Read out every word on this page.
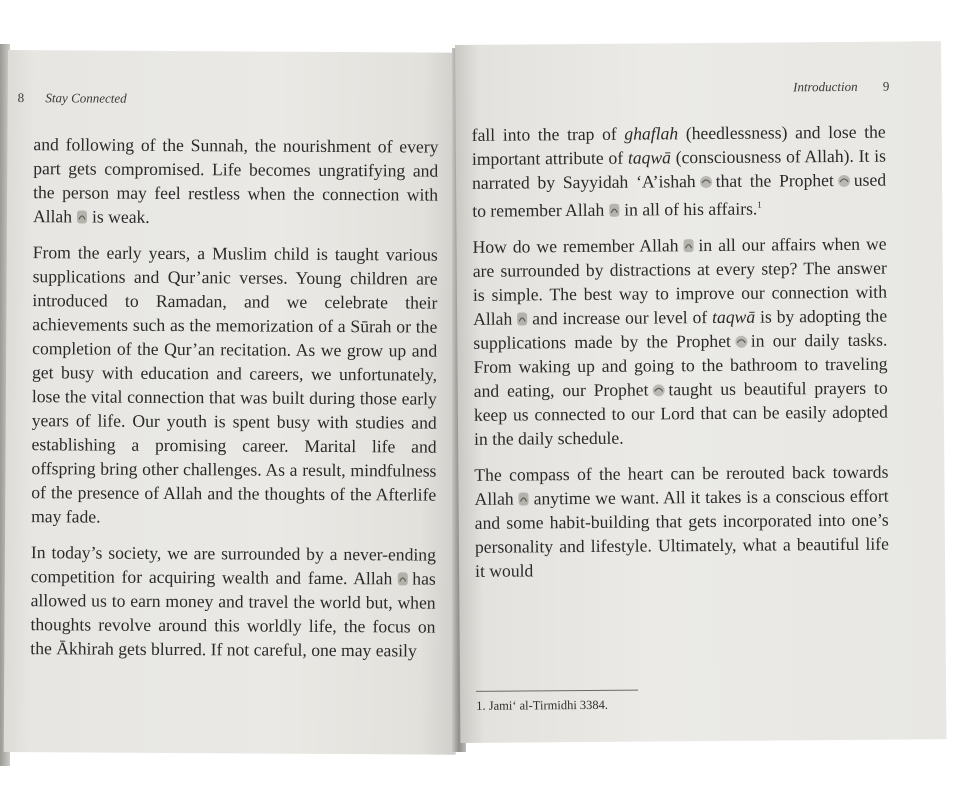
8 Stay Connected

and following of the Sunnah, the nourishment of every part gets compromised. Life becomes ungratifying and the person may feel restless when the connection with Allah is weak.

From the early years, a Muslim child is taught various supplications and Qur’anic verses. Young children are introduced to Ramadan, and we celebrate their achievements such as the memorization of a Sūrah or the completion of the Qur’an recitation. As we grow up and get busy with education and careers, we unfortunately, lose the vital connection that was built during those early years of life. Our youth is spent busy with studies and establishing a promising career. Marital life and offspring bring other challenges. As a result, mindfulness of the presence of Allah and the thoughts of the Afterlife may fade.

In today’s society, we are surrounded by a never-ending competition for acquiring wealth and fame. Allah has allowed us to earn money and travel the world but, when thoughts revolve around this worldly life, the focus on the Ākhirah gets blurred. If not careful, one may easily

Introduction 9

fall into the trap of ghaflah (heedlessness) and lose the important attribute of taqwā (consciousness of Allah). It is narrated by Sayyidah ‘A’ishah that the Prophet used to remember Allah in all of his affairs.$^1$

How do we remember Allah in all our affairs when we are surrounded by distractions at every step? The answer is simple. The best way to improve our connection with Allah and increase our level of taqwā is by adopting the supplications made by the Prophet in our daily tasks. From waking up and going to the bathroom to traveling and eating, our Prophet taught us beautiful prayers to keep us connected to our Lord that can be easily adopted in the daily schedule.

The compass of the heart can be rerouted back towards Allah anytime we want. All it takes is a conscious effort and some habit-building that gets incorporated into one’s personality and lifestyle. Ultimately, what a beautiful life it would

1. Jami‘ al-Tirmidhi 3384.
